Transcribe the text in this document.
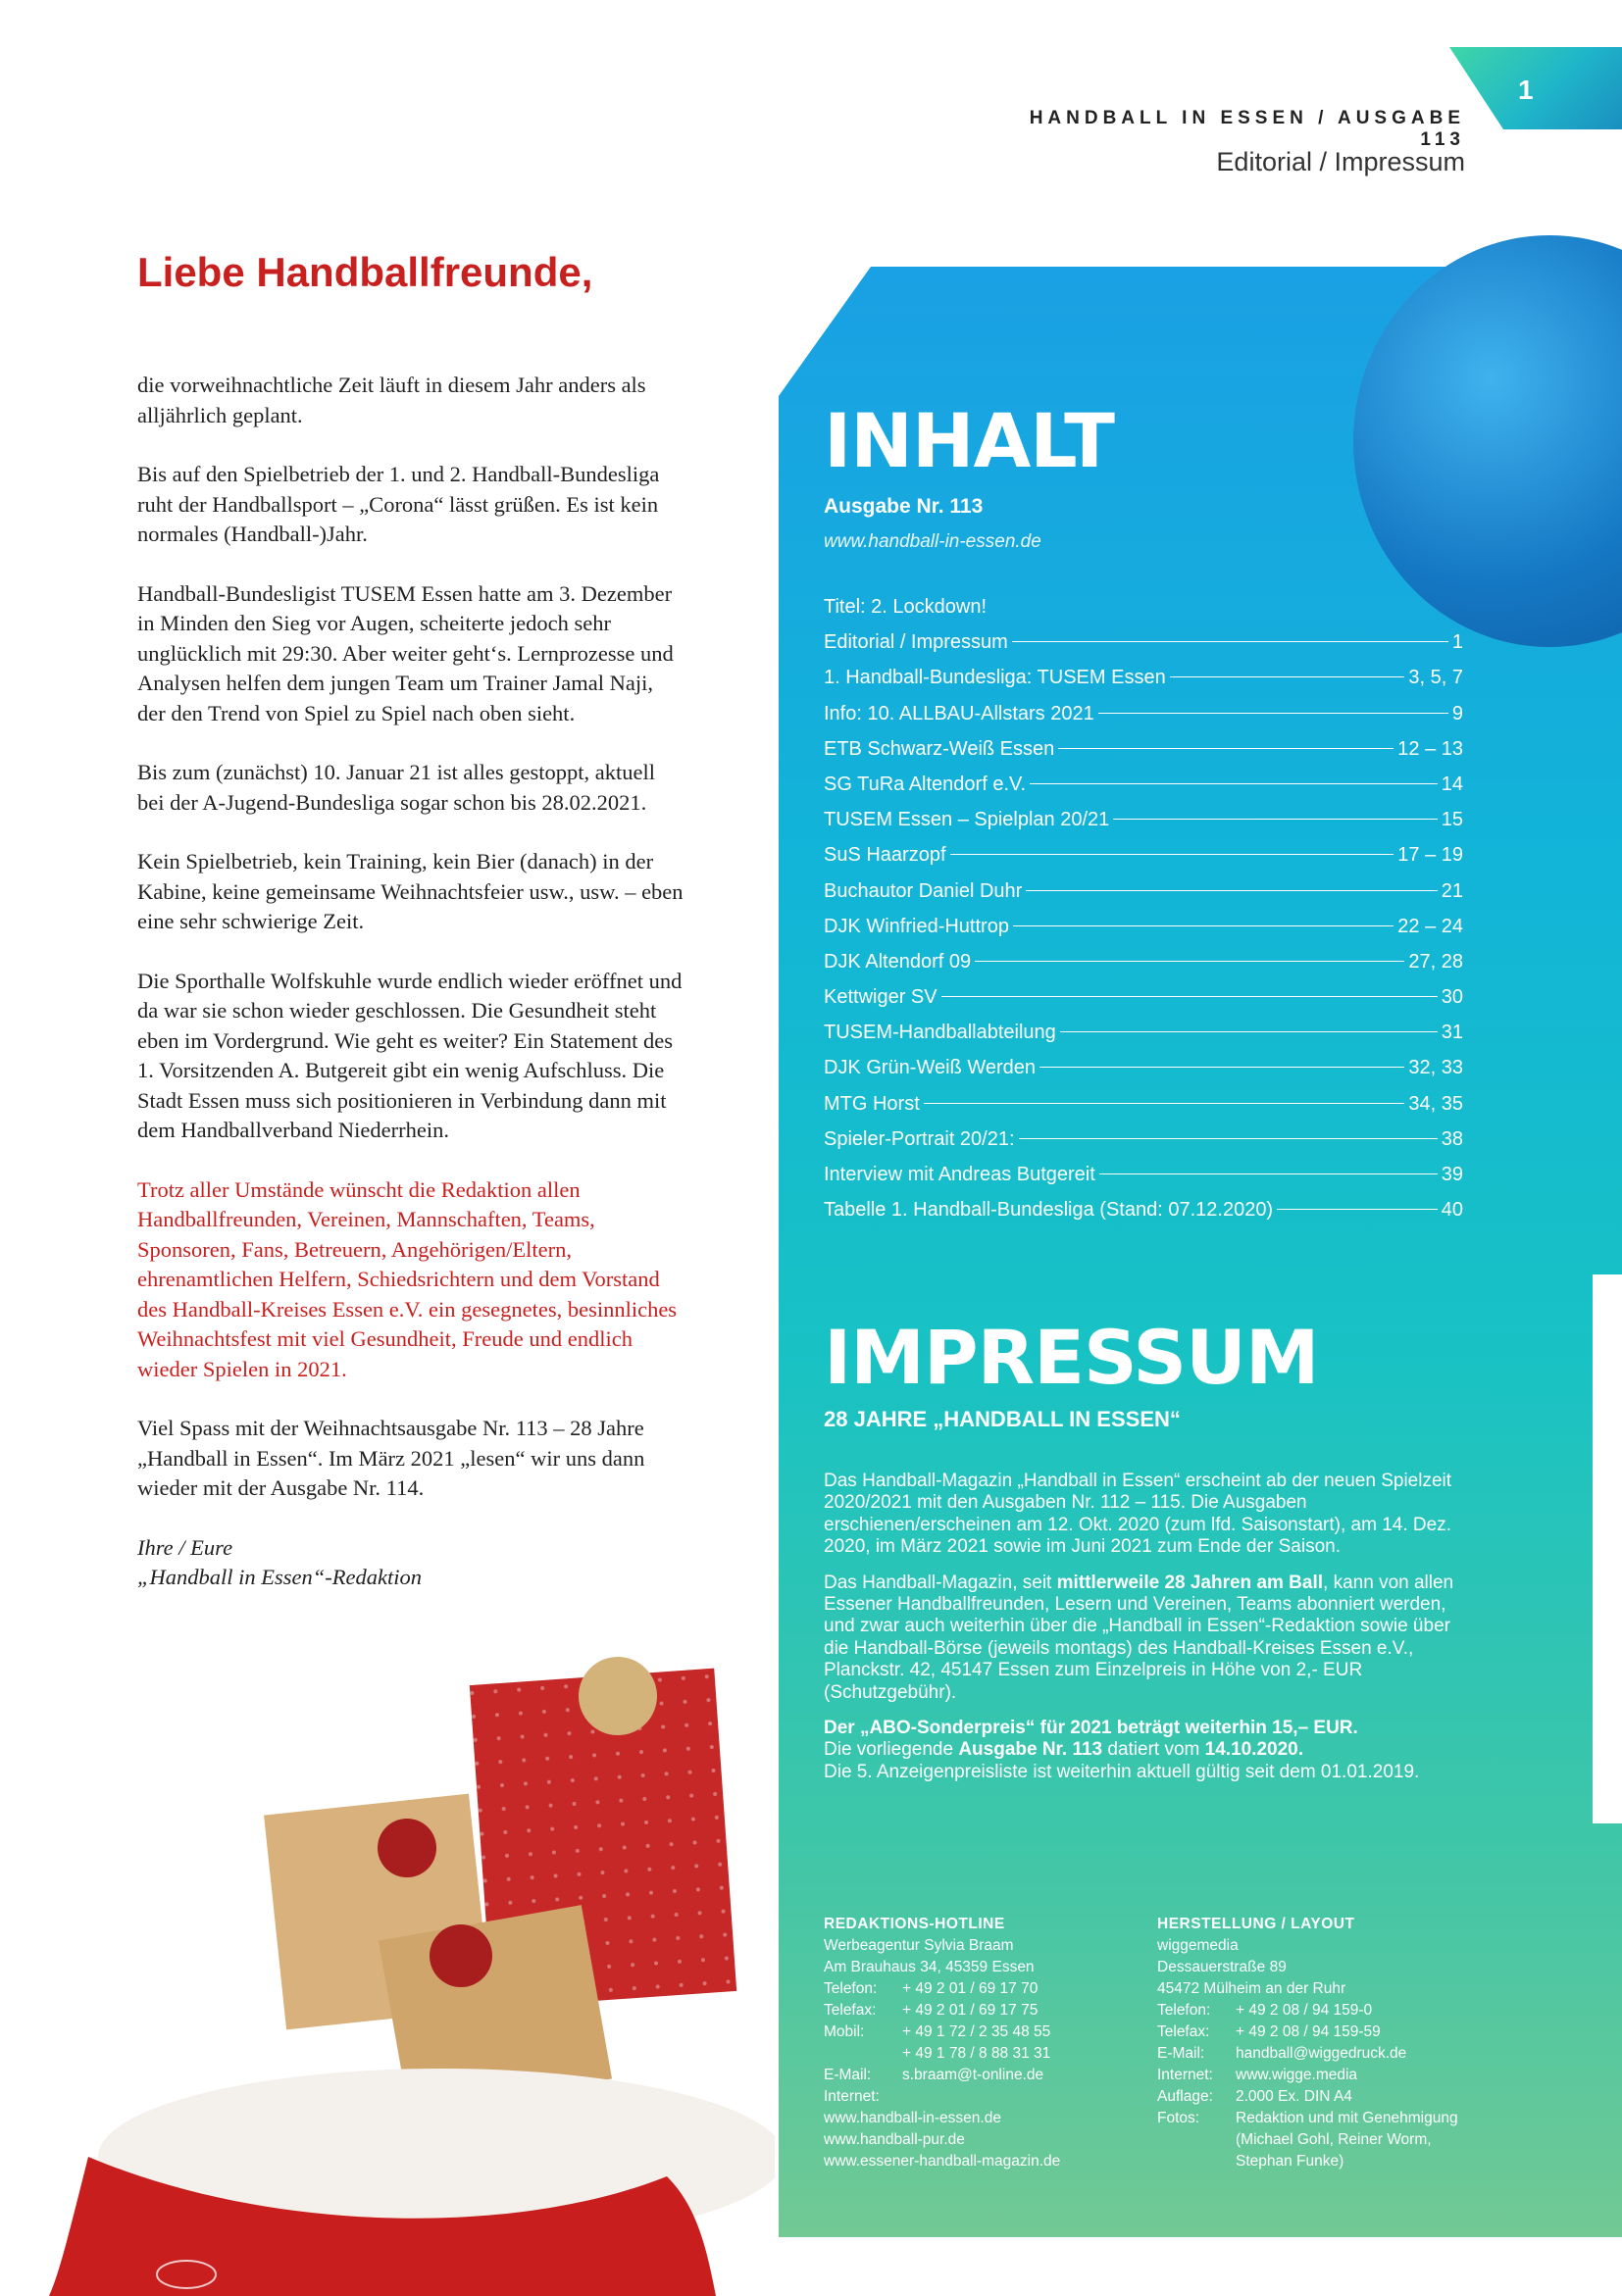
1
HANDBALL IN ESSEN / AUSGABE 113
Editorial / Impressum
Liebe Handballfreunde,

die vorweihnachtliche Zeit läuft in diesem Jahr anders als alljährlich geplant.

Bis auf den Spielbetrieb der 1. und 2. Handball-Bundesliga ruht der Handballsport – „Corona“ lässt grüßen. Es ist kein normales (Handball-)Jahr.

Handball-Bundesligist TUSEM Essen hatte am 3. Dezember in Minden den Sieg vor Augen, scheiterte jedoch sehr unglücklich mit 29:30. Aber weiter geht‘s. Lernprozesse und Analysen helfen dem jungen Team um Trainer Jamal Naji, der den Trend von Spiel zu Spiel nach oben sieht.

Bis zum (zunächst) 10. Januar 21 ist alles gestoppt, aktuell bei der A-Jugend-Bundesliga sogar schon bis 28.02.2021.

Kein Spielbetrieb, kein Training, kein Bier (danach) in der Kabine, keine gemeinsame Weihnachtsfeier usw., usw. – eben eine sehr schwierige Zeit.

Die Sporthalle Wolfskuhle wurde endlich wieder eröffnet und da war sie schon wieder geschlossen. Die Gesundheit steht eben im Vordergrund. Wie geht es weiter? Ein Statement des 1. Vorsitzenden A. Butgereit gibt ein wenig Aufschluss. Die Stadt Essen muss sich positionieren in Verbindung dann mit dem Handballverband Niederrhein.

Trotz aller Umstände wünscht die Redaktion allen Handballfreunden, Vereinen, Mannschaften, Teams, Sponsoren, Fans, Betreuern, Angehörigen/Eltern, ehrenamtlichen Helfern, Schiedsrichtern und dem Vorstand des Handball-Kreises Essen e.V. ein gesegnetes, besinnliches Weihnachtsfest mit viel Gesundheit, Freude und endlich wieder Spielen in 2021.

Viel Spass mit der Weihnachtsausgabe Nr. 113 – 28 Jahre „Handball in Essen“. Im März 2021 „lesen“ wir uns dann wieder mit der Ausgabe Nr. 114.

Ihre / Eure
„Handball in Essen“-Redaktion

INHALT
Ausgabe Nr. 113
www.handball-in-essen.de
Titel: 2. Lockdown!
Editorial / Impressum	1
1. Handball-Bundesliga: TUSEM Essen	3, 5, 7
Info: 10. ALLBAU-Allstars 2021	9
ETB Schwarz-Weiß Essen	12 – 13
SG TuRa Altendorf e.V.	14
TUSEM Essen – Spielplan 20/21	15
SuS Haarzopf	17 – 19
Buchautor Daniel Duhr	21
DJK Winfried-Huttrop	22 – 24
DJK Altendorf 09	27, 28
Kettwiger SV	30
TUSEM-Handballabteilung	31
DJK Grün-Weiß Werden	32, 33
MTG Horst	34, 35
Spieler-Portrait 20/21:	38
Interview mit Andreas Butgereit	39
Tabelle 1. Handball-Bundesliga (Stand: 07.12.2020)	40
IMPRESSUM
28 JAHRE „HANDBALL IN ESSEN“

Das Handball-Magazin „Handball in Essen“ erscheint ab der neuen Spielzeit 2020/2021 mit den Ausgaben Nr. 112 – 115. Die Ausgaben erschienen/erscheinen am 12. Okt. 2020 (zum lfd. Saisonstart), am 14. Dez. 2020, im März 2021 sowie im Juni 2021 zum Ende der Saison.

Das Handball-Magazin, seit mittlerweile 28 Jahren am Ball, kann von allen Essener Handballfreunden, Lesern und Vereinen, Teams abonniert werden, und zwar auch weiterhin über die „Handball in Essen“-Redaktion sowie über die Handball-Börse (jeweils montags) des Handball-Kreises Essen e.V., Planckstr. 42, 45147 Essen zum Einzelpreis in Höhe von 2,- EUR (Schutzgebühr).

Der „ABO-Sonderpreis“ für 2021 beträgt weiterhin 15,– EUR.
Die vorliegende Ausgabe Nr. 113 datiert vom 14.10.2020.
Die 5. Anzeigenpreisliste ist weiterhin aktuell gültig seit dem 01.01.2019.

REDAKTIONS-HOTLINE
Werbeagentur Sylvia Braam
Am Brauhaus 34, 45359 Essen
Telefon:	+ 49 2 01 / 69 17 70
Telefax:	+ 49 2 01 / 69 17 75
Mobil:	+ 49 1 72 / 2 35 48 55
+ 49 1 78 / 8 88 31 31
E-Mail:	s.braam@t-online.de
Internet:
www.handball-in-essen.de
www.handball-pur.de
www.essener-handball-magazin.de
HERSTELLUNG / LAYOUT
wiggemedia
Dessauerstraße 89
45472 Mülheim an der Ruhr
Telefon:	+ 49 2 08 / 94 159-0
Telefax:	+ 49 2 08 / 94 159-59
E-Mail:	handball@wiggedruck.de
Internet:	www.wigge.media
Auflage:	2.000 Ex. DIN A4
Fotos:	Redaktion und mit Genehmigung (Michael Gohl, Reiner Worm, Stephan Funke)
